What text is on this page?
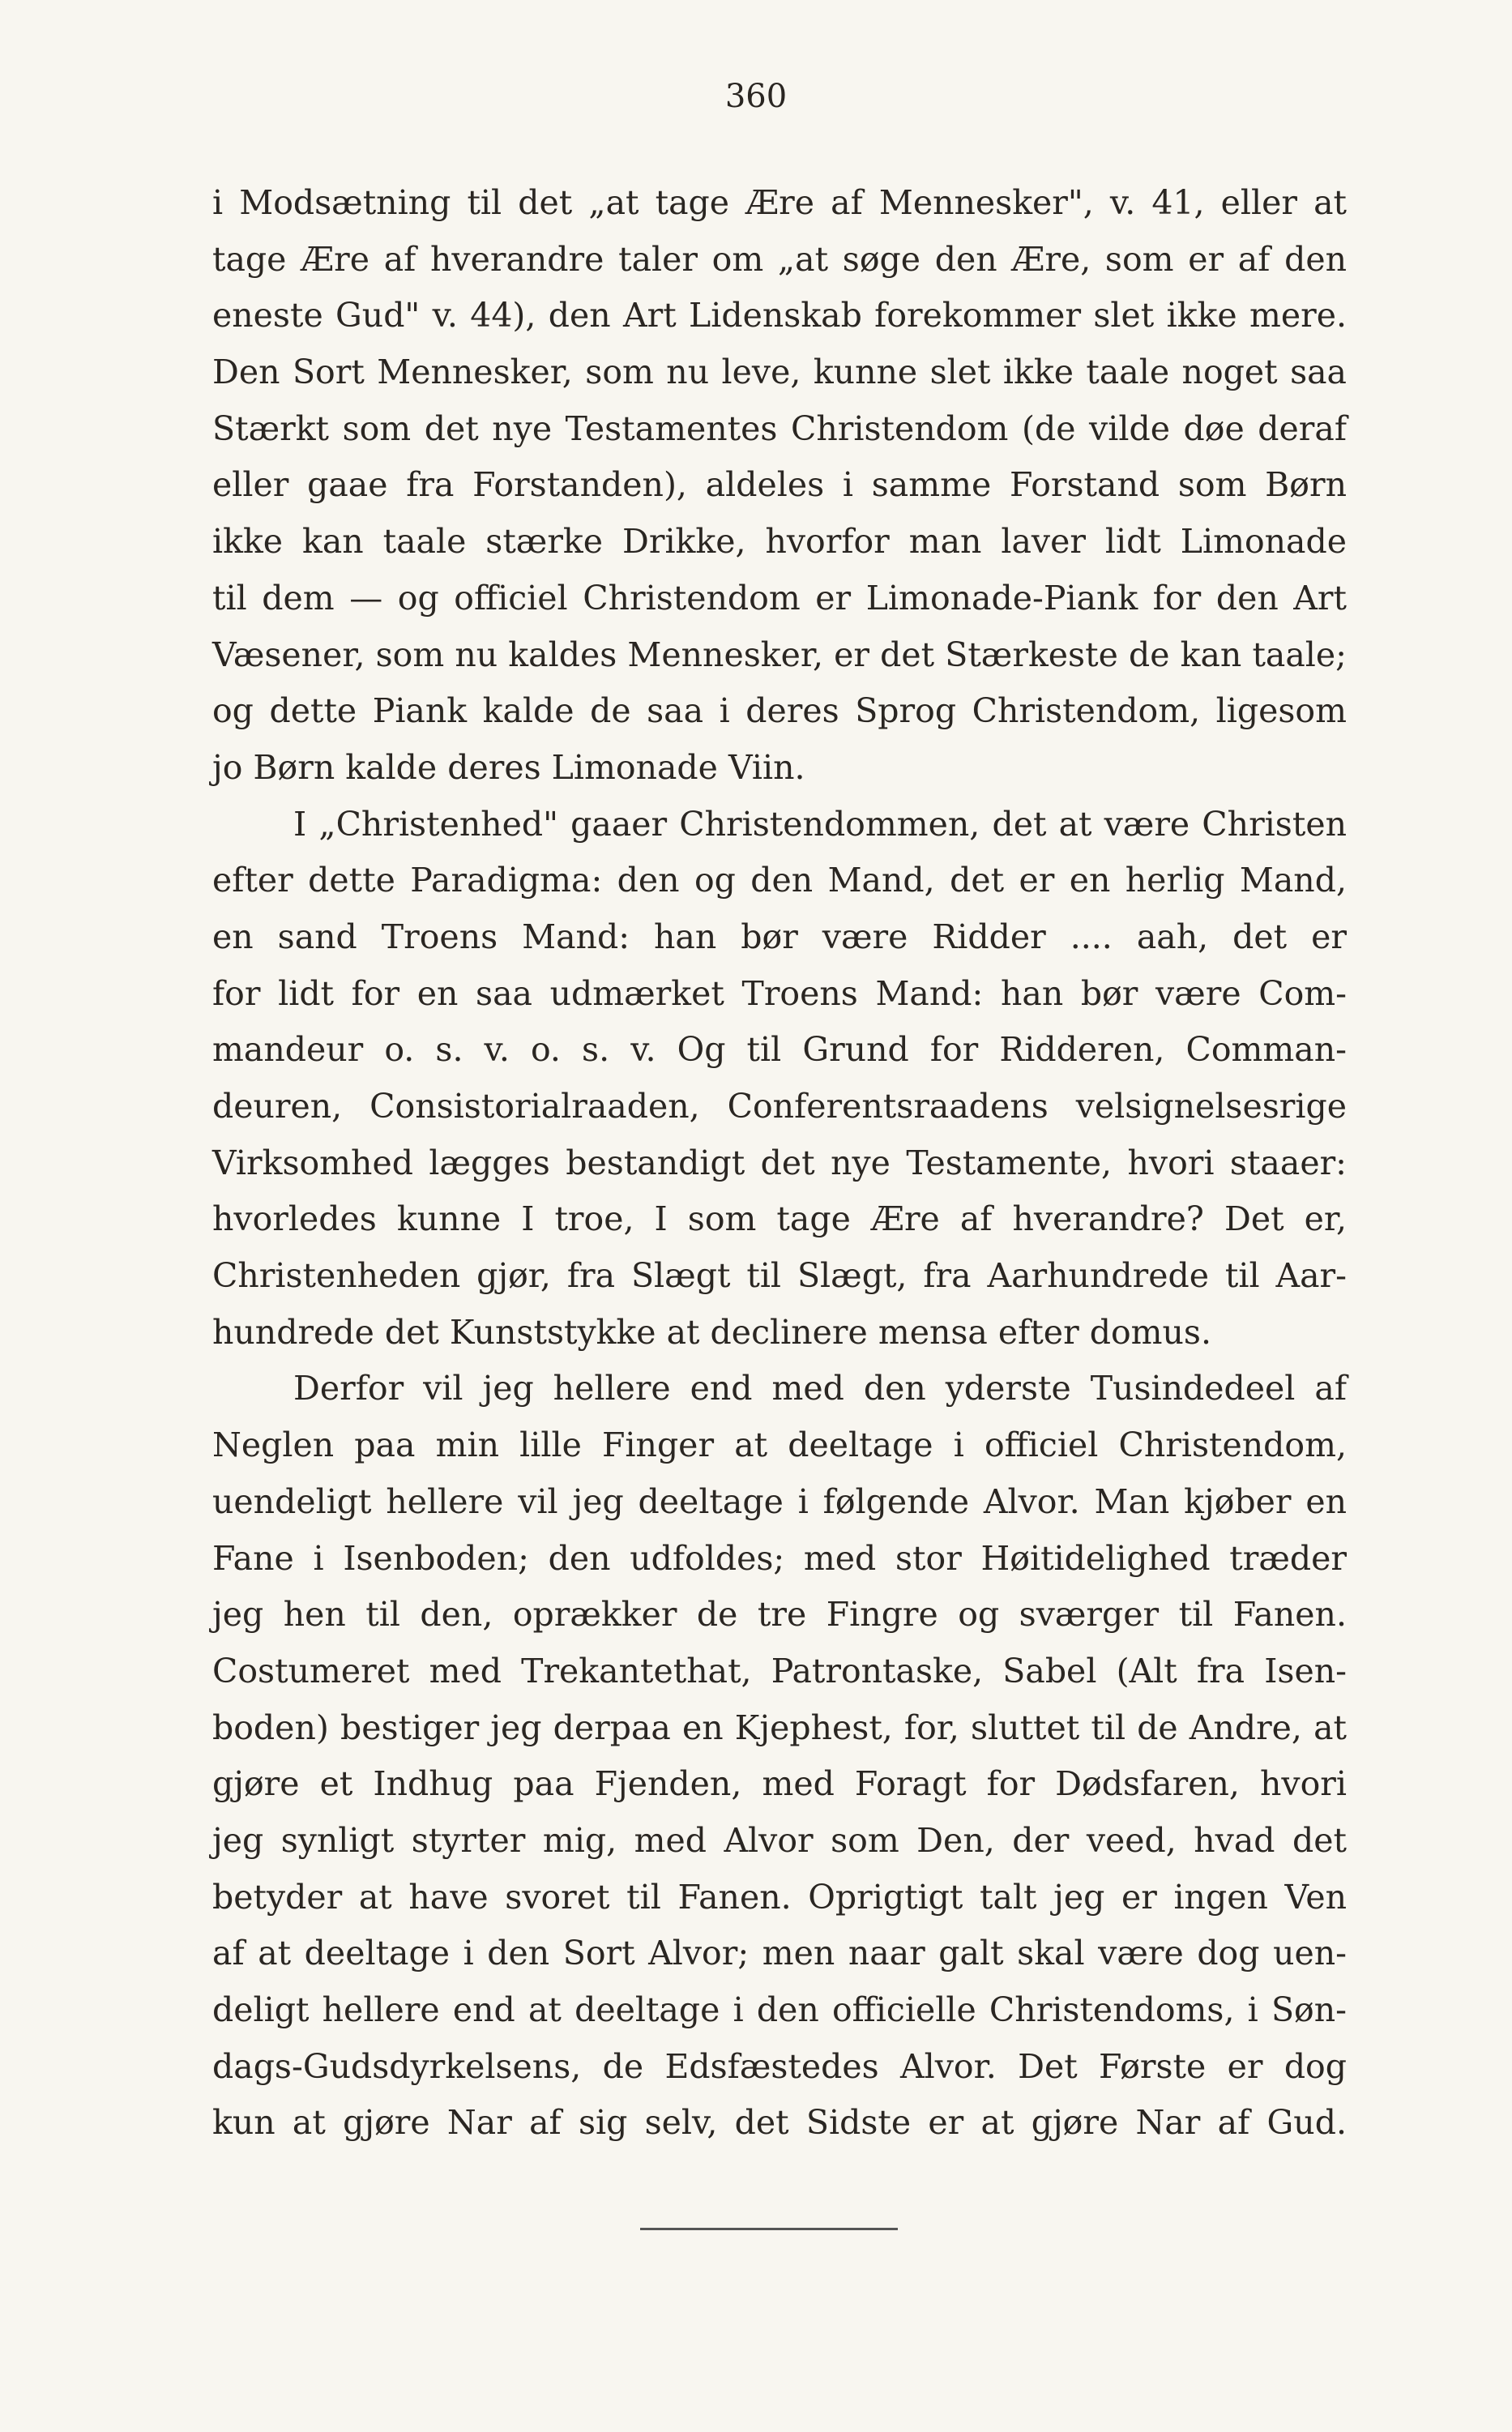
360
i Modsætning til det „at tage Ære af Mennesker", v. 41, eller at
tage Ære af hverandre taler om „at søge den Ære, som er af den
eneste Gud" v. 44), den Art Lidenskab forekommer slet ikke mere.
Den Sort Mennesker, som nu leve, kunne slet ikke taale noget saa
Stærkt som det nye Testamentes Christendom (de vilde døe deraf
eller gaae fra Forstanden), aldeles i samme Forstand som Børn
ikke kan taale stærke Drikke, hvorfor man laver lidt Limonade
til dem — og officiel Christendom er Limonade-Piank for den Art
Væsener, som nu kaldes Mennesker, er det Stærkeste de kan taale;
og dette Piank kalde de saa i deres Sprog Christendom, ligesom
jo Børn kalde deres Limonade Viin.
I „Christenhed" gaaer Christendommen, det at være Christen
efter dette Paradigma: den og den Mand, det er en herlig Mand,
en sand Troens Mand: han bør være Ridder .... aah, det er
for lidt for en saa udmærket Troens Mand: han bør være Com-
mandeur o. s. v. o. s. v. Og til Grund for Ridderen, Comman-
deuren, Consistorialraaden, Conferentsraadens velsignelsesrige
Virksomhed lægges bestandigt det nye Testamente, hvori staaer:
hvorledes kunne I troe, I som tage Ære af hverandre? Det er,
Christenheden gjør, fra Slægt til Slægt, fra Aarhundrede til Aar-
hundrede det Kunststykke at declinere mensa efter domus.
Derfor vil jeg hellere end med den yderste Tusindedeel af
Neglen paa min lille Finger at deeltage i officiel Christendom,
uendeligt hellere vil jeg deeltage i følgende Alvor. Man kjøber en
Fane i Isenboden; den udfoldes; med stor Høitidelighed træder
jeg hen til den, oprækker de tre Fingre og sværger til Fanen.
Costumeret med Trekantethat, Patrontaske, Sabel (Alt fra Isen-
boden) bestiger jeg derpaa en Kjephest, for, sluttet til de Andre, at
gjøre et Indhug paa Fjenden, med Foragt for Dødsfaren, hvori
jeg synligt styrter mig, med Alvor som Den, der veed, hvad det
betyder at have svoret til Fanen. Oprigtigt talt jeg er ingen Ven
af at deeltage i den Sort Alvor; men naar galt skal være dog uen-
deligt hellere end at deeltage i den officielle Christendoms, i Søn-
dags-Gudsdyrkelsens, de Edsfæstedes Alvor. Det Første er dog
kun at gjøre Nar af sig selv, det Sidste er at gjøre Nar af Gud.
